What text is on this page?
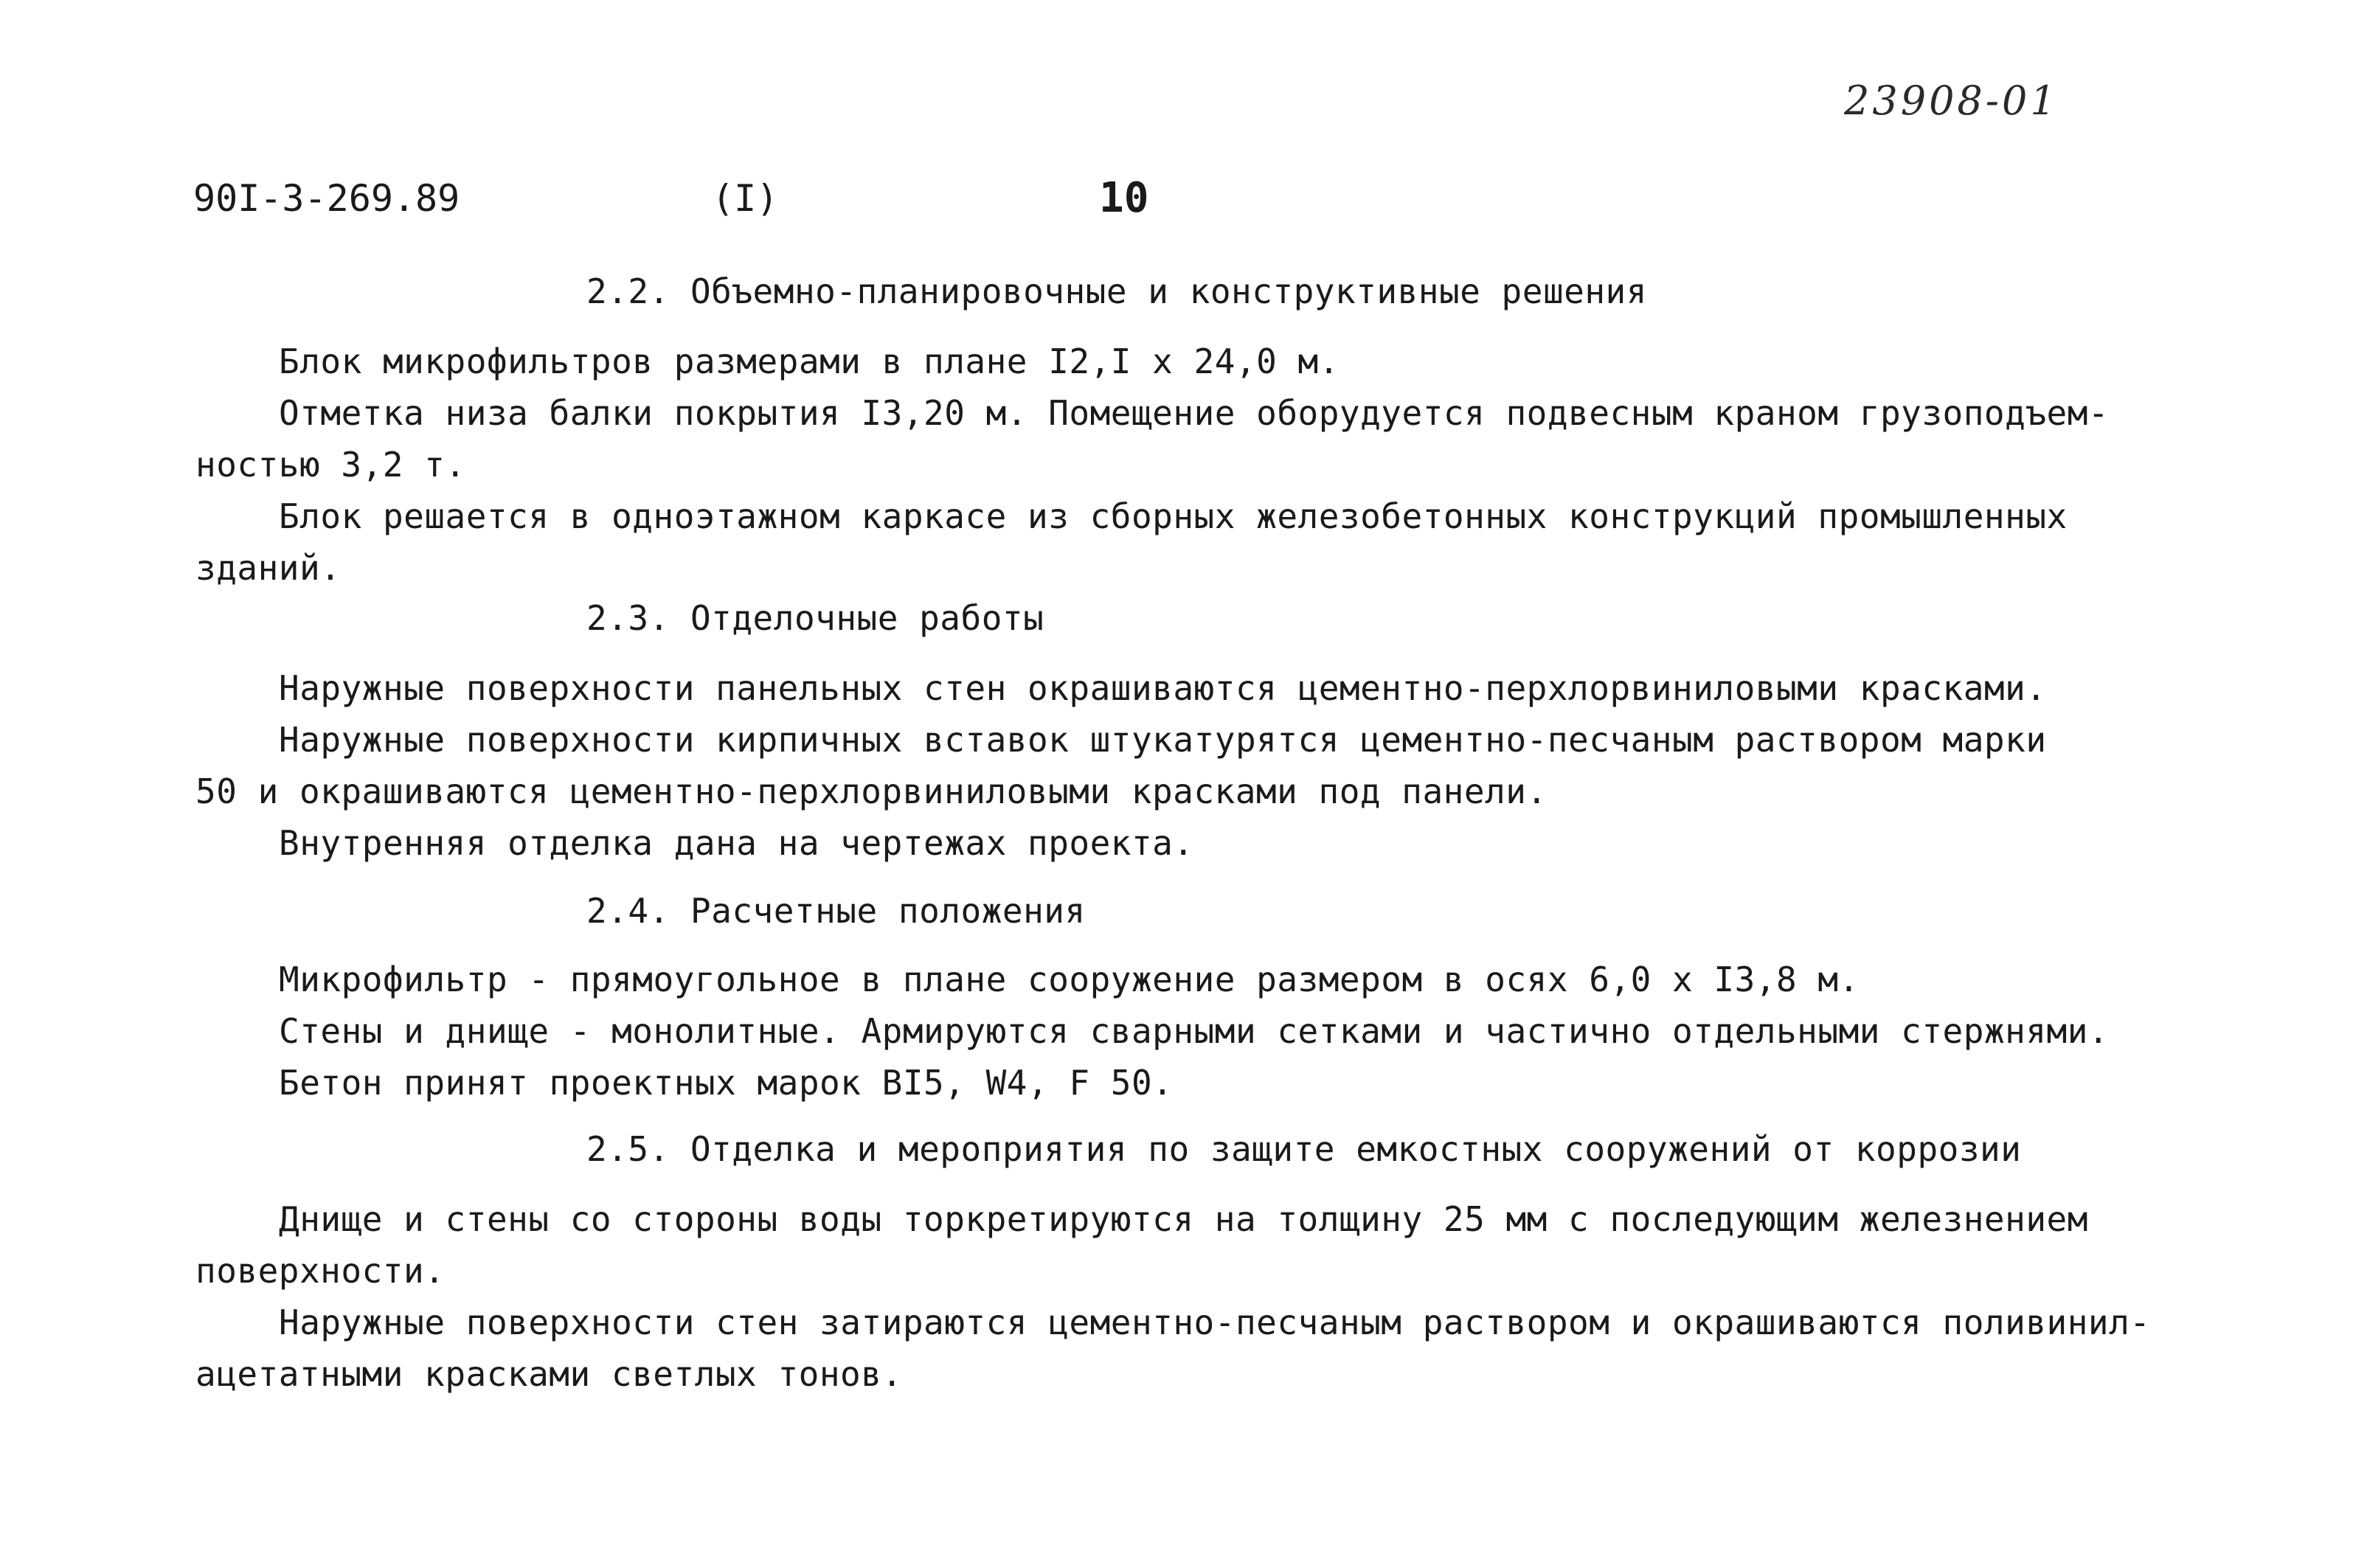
23908-01
90I-3-269.89	(I)	10
2.2. Объемно-планировочные и конструктивные решения
Блок микрофильтров размерами в плане I2,I х 24,0 м.
Отметка низа балки покрытия I3,20 м. Помещение оборудуется подвесным краном грузоподъем-
ностью 3,2 т.
Блок решается в одноэтажном каркасе из сборных железобетонных конструкций промышленных
зданий.
2.3. Отделочные работы
Наружные поверхности панельных стен окрашиваются цементно-перхлорвиниловыми красками.
Наружные поверхности кирпичных вставок штукатурятся цементно-песчаным раствором марки
50 и окрашиваются цементно-перхлорвиниловыми красками под панели.
Внутренняя отделка дана на чертежах проекта.
2.4. Расчетные положения
Микрофильтр - прямоугольное в плане сооружение размером в осях 6,0 х I3,8 м.
Стены и днище - монолитные. Армируются сварными сетками и частично отдельными стержнями.
Бетон принят проектных марок BI5, W4, F 50.
2.5. Отделка и мероприятия по защите емкостных сооружений от коррозии
Днище и стены со стороны воды торкретируются на толщину 25 мм с последующим железнением
поверхности.
Наружные поверхности стен затираются цементно-песчаным раствором и окрашиваются поливинил-
ацетатными красками светлых тонов.
